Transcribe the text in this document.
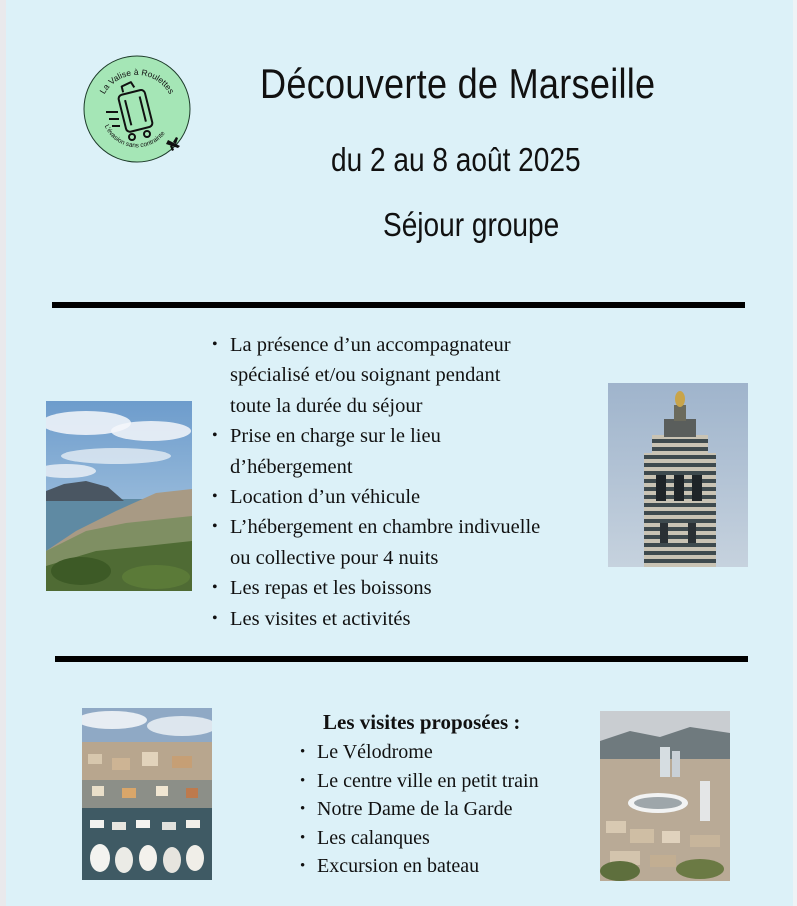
La Valise à Roulettes
L'évasion sans contrainte
Découverte de Marseille
du 2 au 8 août 2025
Séjour groupe
• La présence d’un accompagnateur
spécialisé et/ou soignant pendant
toute la durée du séjour
• Prise en charge sur le lieu
d’hébergement
• Location d’un véhicule
• L’hébergement en chambre indivuelle
ou collective pour 4 nuits
• Les repas et les boissons
• Les visites et activités
Les visites proposées :
• Le Vélodrome
• Le centre ville en petit train
• Notre Dame de la Garde
• Les calanques
• Excursion en bateau
